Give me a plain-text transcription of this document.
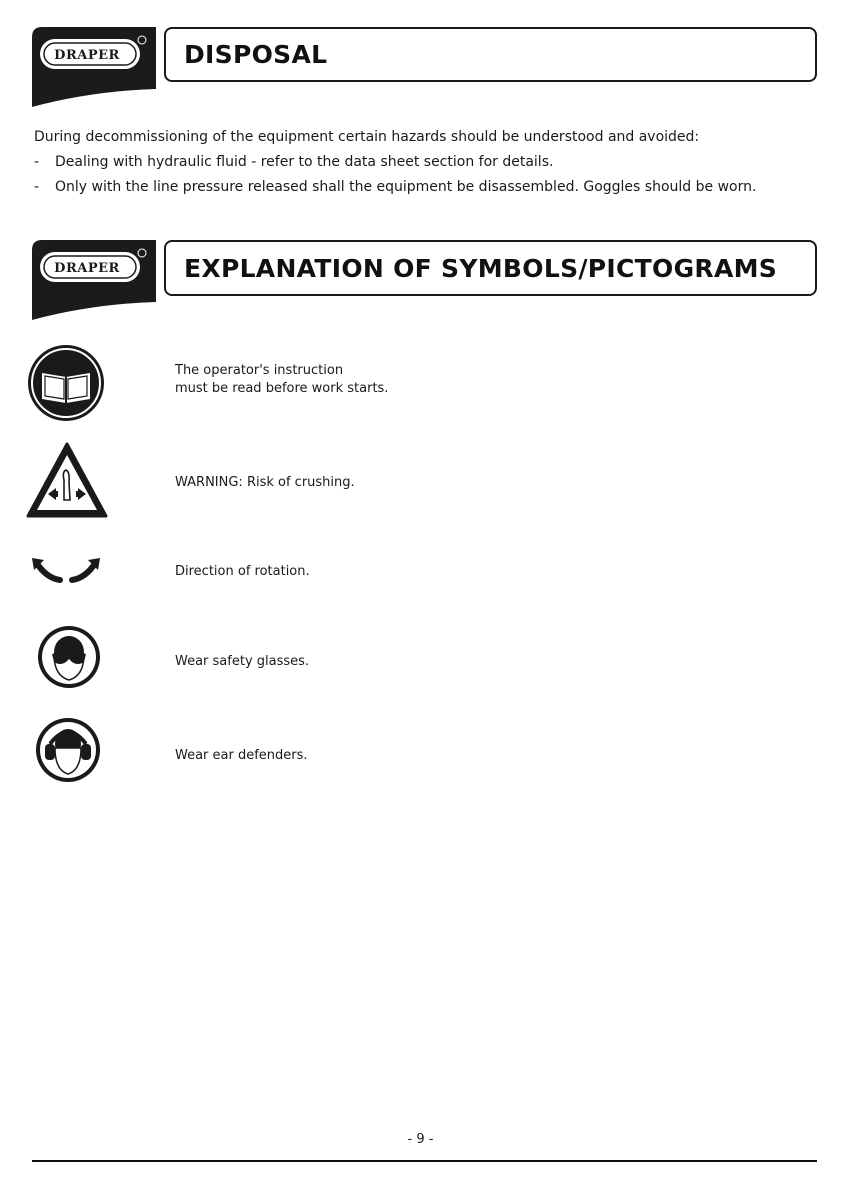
DRAPER	DISPOSAL
During decommissioning of the equipment certain hazards should be understood and avoided:
-	Dealing with hydraulic fluid - refer to the data sheet section for details.
-	Only with the line pressure released shall the equipment be disassembled. Goggles should be worn.
DRAPER	EXPLANATION OF SYMBOLS/PICTOGRAMS
The operator's instruction
must be read before work starts.
WARNING: Risk of crushing.
Direction of rotation.
Wear safety glasses.
Wear ear defenders.
- 9 -
